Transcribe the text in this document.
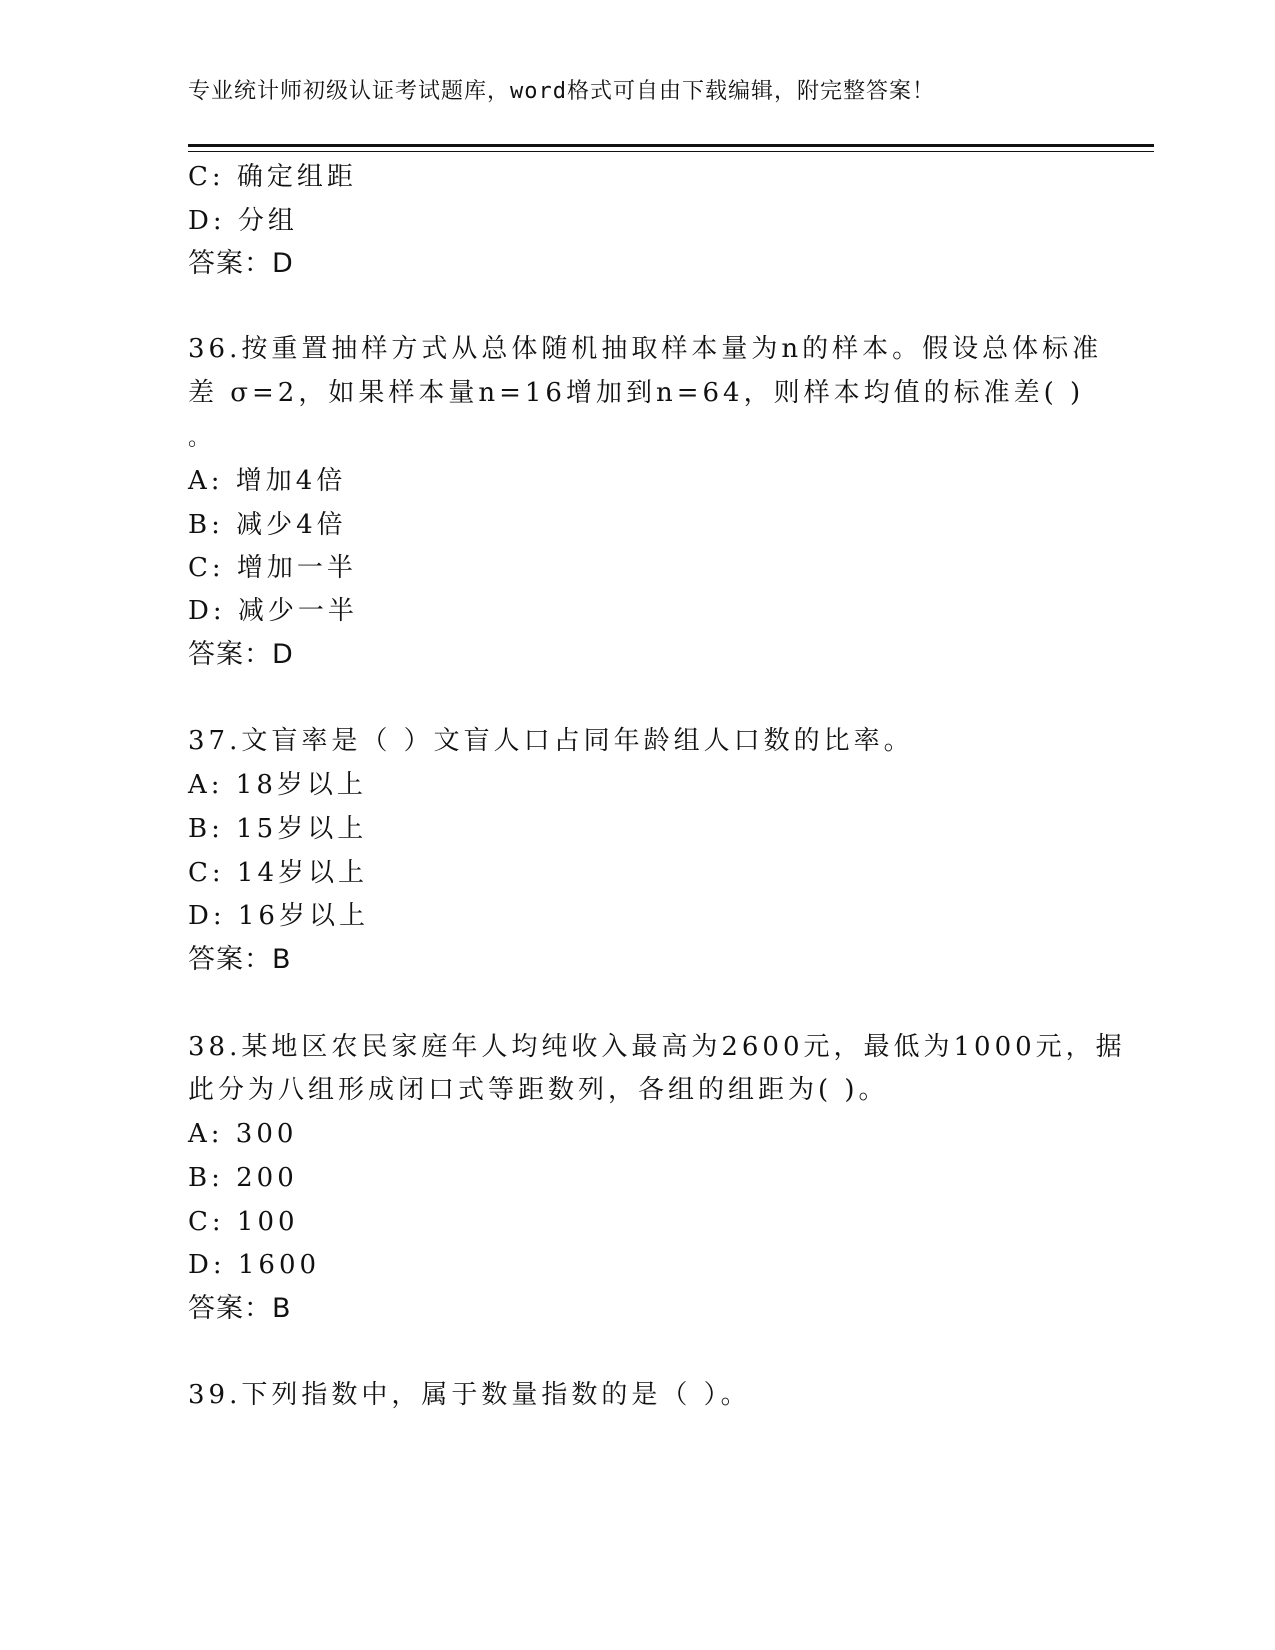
专业统计师初级认证考试题库，word格式可自由下载编辑，附完整答案！
C: 确定组距
D: 分组
答案：D
36.按重置抽样方式从总体随机抽取样本量为n的样本。假设总体标准
差 σ=2，如果样本量n=16增加到n=64，则样本均值的标准差( )
。
A: 增加4倍
B: 减少4倍
C: 增加一半
D: 减少一半
答案：D
37.文盲率是（ ）文盲人口占同年龄组人口数的比率。
A: 18岁以上
B: 15岁以上
C: 14岁以上
D: 16岁以上
答案：B
38.某地区农民家庭年人均纯收入最高为2600元，最低为1000元，据
此分为八组形成闭口式等距数列，各组的组距为( )。
A: 300
B: 200
C: 100
D: 1600
答案：B
39.下列指数中，属于数量指数的是（ ）。
